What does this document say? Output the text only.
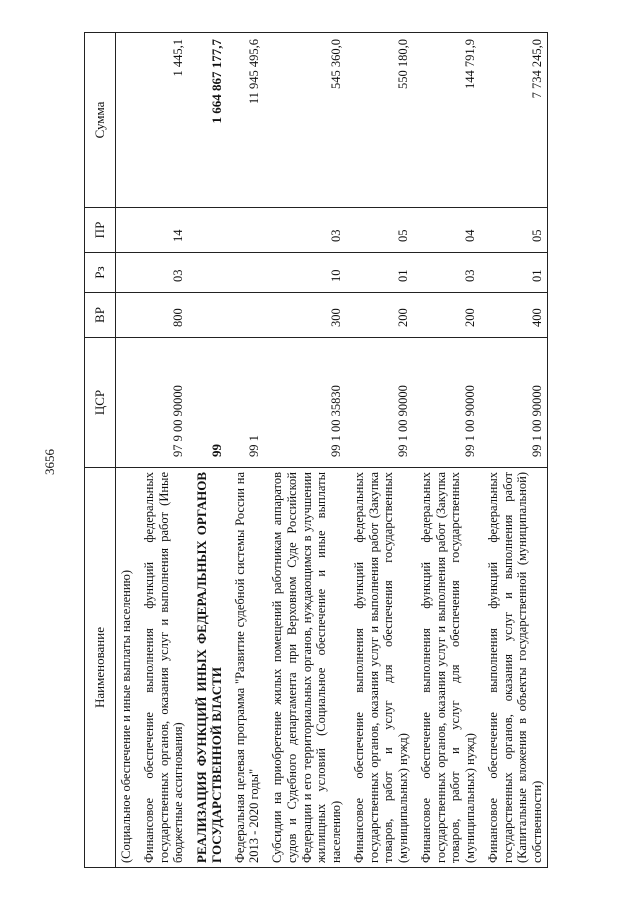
3656
Наименование	ЦСР	ВР	Рз	ПР	Сумма
(Социальное обеспечение и иные выплаты населению)					
Финансовое обеспечение выполнения функций федеральных государственных органов, оказания услуг и выполнения работ (Иные бюджетные ассигнования)	97 9 00 90000	800	03	14	1 445,1
РЕАЛИЗАЦИЯ ФУНКЦИЙ ИНЫХ ФЕДЕРАЛЬНЫХ ОРГАНОВ ГОСУДАРСТВЕННОЙ ВЛАСТИ	99				1 664 867 177,7
Федеральная целевая программа "Развитие судебной системы России на 2013 - 2020 годы"	99 1				11 945 495,6
Субсидии на приобретение жилых помещений работникам аппаратов судов и Судебного департамента при Верховном Суде Российской Федерации и его территориальных органов, нуждающимся в улучшении жилищных условий (Социальное обеспечение и иные выплаты населению)	99 1 00 35830	300	10	03	545 360,0
Финансовое обеспечение выполнения функций федеральных государственных органов, оказания услуг и выполнения работ (Закупка товаров, работ и услуг для обеспечения государственных (муниципальных) нужд)	99 1 00 90000	200	01	05	550 180,0
Финансовое обеспечение выполнения функций федеральных государственных органов, оказания услуг и выполнения работ (Закупка товаров, работ и услуг для обеспечения государственных (муниципальных) нужд)	99 1 00 90000	200	03	04	144 791,9
Финансовое обеспечение выполнения функций федеральных государственных органов, оказания услуг и выполнения работ (Капитальные вложения в объекты государственной (муниципальной) собственности)	99 1 00 90000	400	01	05	7 734 245,0
